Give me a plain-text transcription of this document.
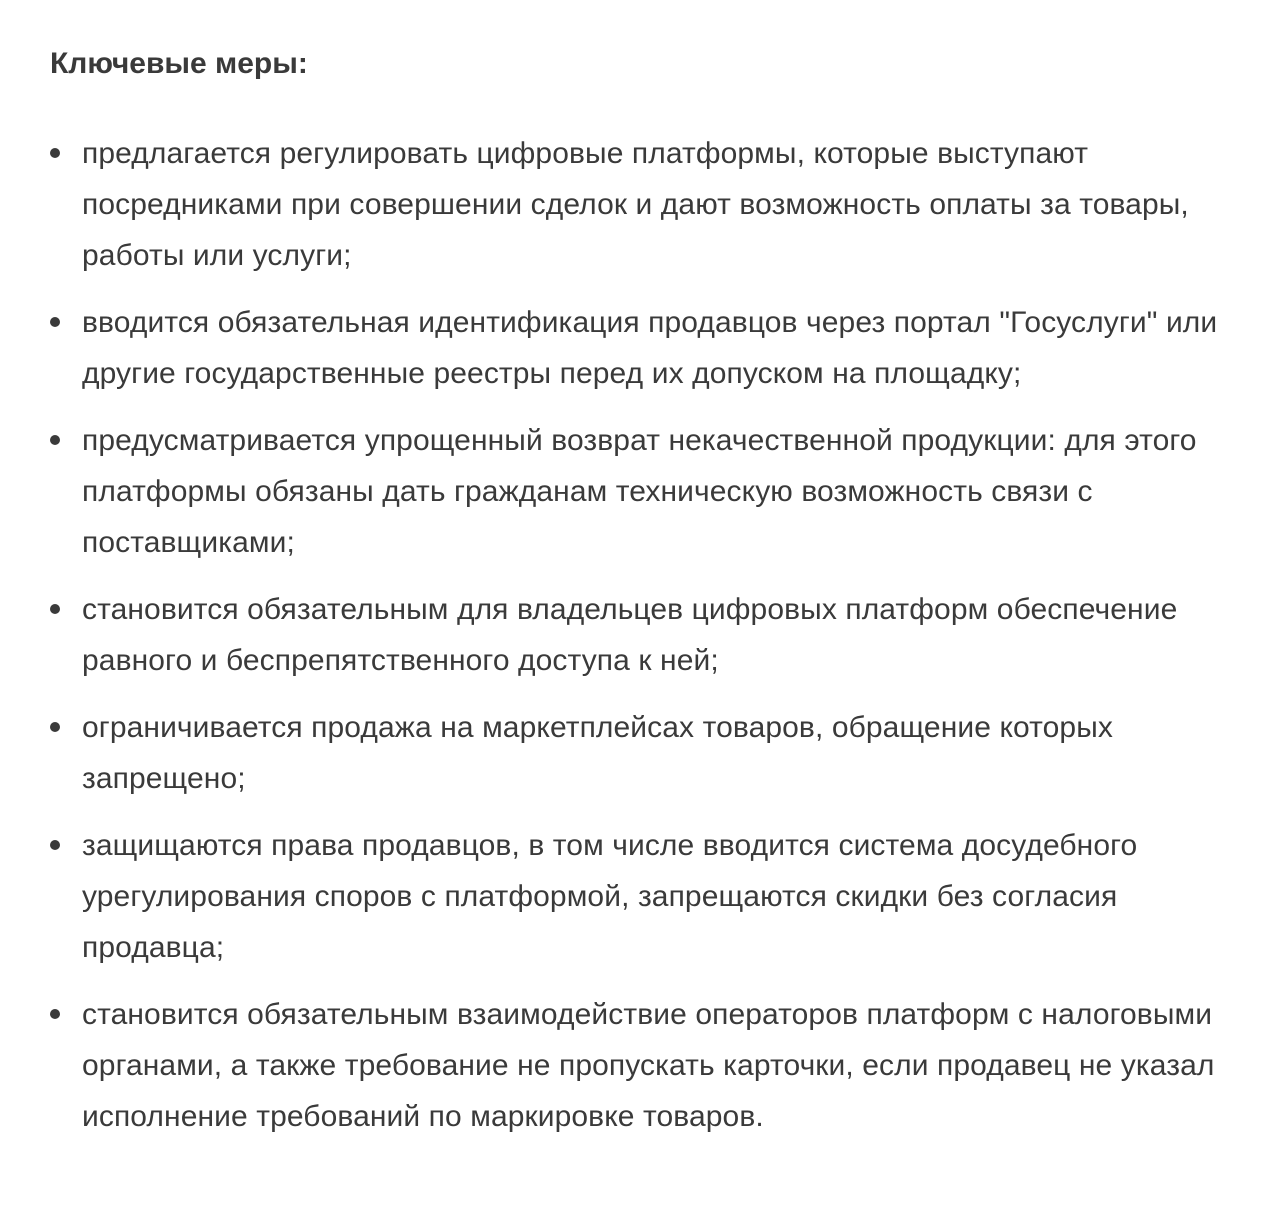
Ключевые меры:
предлагается регулировать цифровые платформы, которые выступают посредниками при совершении сделок и дают возможность оплаты за товары, работы или услуги;
вводится обязательная идентификация продавцов через портал "Госуслуги" или другие государственные реестры перед их допуском на площадку;
предусматривается упрощенный возврат некачественной продукции: для этого платформы обязаны дать гражданам техническую возможность связи с поставщиками;
становится обязательным для владельцев цифровых платформ обеспечение равного и беспрепятственного доступа к ней;
ограничивается продажа на маркетплейсах товаров, обращение которых запрещено;
защищаются права продавцов, в том числе вводится система досудебного урегулирования споров с платформой, запрещаются скидки без согласия продавца;
становится обязательным взаимодействие операторов платформ с налоговыми органами, а также требование не пропускать карточки, если продавец не указал исполнение требований по маркировке товаров.
